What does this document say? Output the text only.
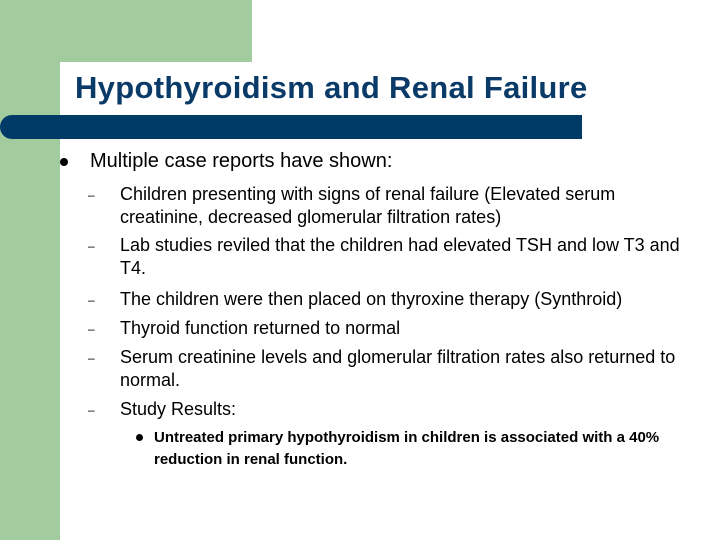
Hypothyroidism and Renal Failure
Multiple case reports have shown:
– Children presenting with signs of renal failure (Elevated serum creatinine, decreased glomerular filtration rates)
– Lab studies reviled that the children had elevated TSH and low T3 and T4.
– The children were then placed on thyroxine therapy (Synthroid)
– Thyroid function returned to normal
– Serum creatinine levels and glomerular filtration rates also returned to normal.
– Study Results:
Untreated primary hypothyroidism in children is associated with a 40% reduction in renal function.
